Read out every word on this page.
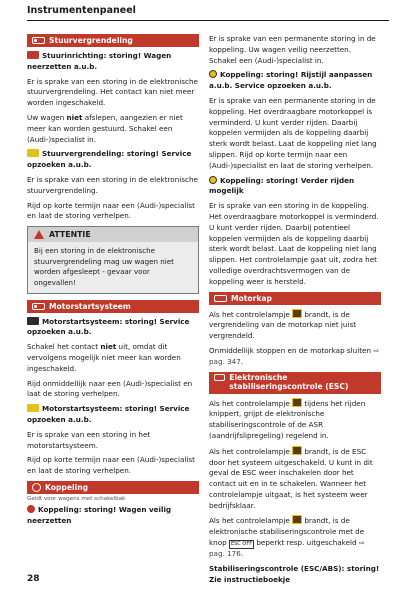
Instrumentenpaneel
Stuurvergrendeling
Stuurinrichting: storing! Wagen neerzetten a.u.b.
Er is sprake van een storing in de elektronische stuurvergrendeling. Het contact kan niet meer worden ingeschakeld.
Uw wagen niet afslepen, aangezien er niet meer kan worden gestuurd. Schakel een (Audi-)specialist in.
Stuurvergrendeling: storing! Service opzoeken a.u.b.
Er is sprake van een storing in de elektronische stuurvergrendeling.
Rijd op korte termijn naar een (Audi-)specialist en laat de storing verhelpen.
ATTENTIE
Bij een storing in de elektronische stuurvergrendeling mag uw wagen niet worden afgesleept - gevaar voor ongevallen!
Motorstartsysteem
Motorstartsysteem: storing! Service opzoeken a.u.b.
Schakel het contact niet uit, omdat dit vervolgens mogelijk niet meer kan worden ingeschakeld.
Rijd onmiddellijk naar een (Audi-)specialist en laat de storing verhelpen.
Motorstartsysteem: storing! Service opzoeken a.u.b.
Er is sprake van een storing in het motorstartsysteem.
Rijd op korte termijn naar een (Audi-)specialist en laat de storing verhelpen.
Koppeling
Geldt voor wagens met schakelbak
Koppeling: storing! Wagen veilig neerzetten
Er is sprake van een permanente storing in de koppeling. Uw wagen veilig neerzetten. Schakel een (Audi-)specialist in.
Koppeling: storing! Rijstijl aanpassen a.u.b. Service opzoeken a.u.b.
Er is sprake van een permanente storing in de koppeling. Het overdraagbare motorkoppel is verminderd. U kunt verder rijden. Daarbij koppelen vermijden als de koppeling daarbij sterk wordt belast. Laat de koppeling niet lang slippen. Rijd op korte termijn naar een (Audi-)specialist en laat de storing verhelpen.
Koppeling: storing! Verder rijden mogelijk
Er is sprake van een storing in de koppeling. Het overdraagbare motorkoppel is verminderd. U kunt verder rijden. Daarbij potentieel koppelen vermijden als de koppeling daarbij sterk wordt belast. Laat de koppeling niet lang slippen. Het controlelampje gaat uit, zodra het volledige overdrachtsvermogen van de koppeling weer is hersteld.
Motorkap
Als het controlelampje  brandt, is de vergrendeling van de motorkap niet juist vergrendeld.
Onmiddellijk stoppen en de motorkap sluiten ⇨ pag. 347.
Elektronische stabiliseringscontrole (ESC)
Als het controlelampje  tijdens het rijden knippert, grijpt de elektronische stabiliseringscontrole of de ASR (aandrijfslipregeling) regelend in.
Als het controlelampje  brandt, is de ESC door het systeem uitgeschakeld. U kunt in dit geval de ESC weer inschakelen door het contact uit en in te schakelen. Wanneer het controlelampje uitgaat, is het systeem weer bedrijfsklaar.
Als het controlelampje  brandt, is de elektronische stabiliseringscontrole met de knop ESC OFF beperkt resp. uitgeschakeld ⇨ pag. 176.
Stabiliseringscontrole (ESC/ABS): storing! Zie instructieboekje
28
